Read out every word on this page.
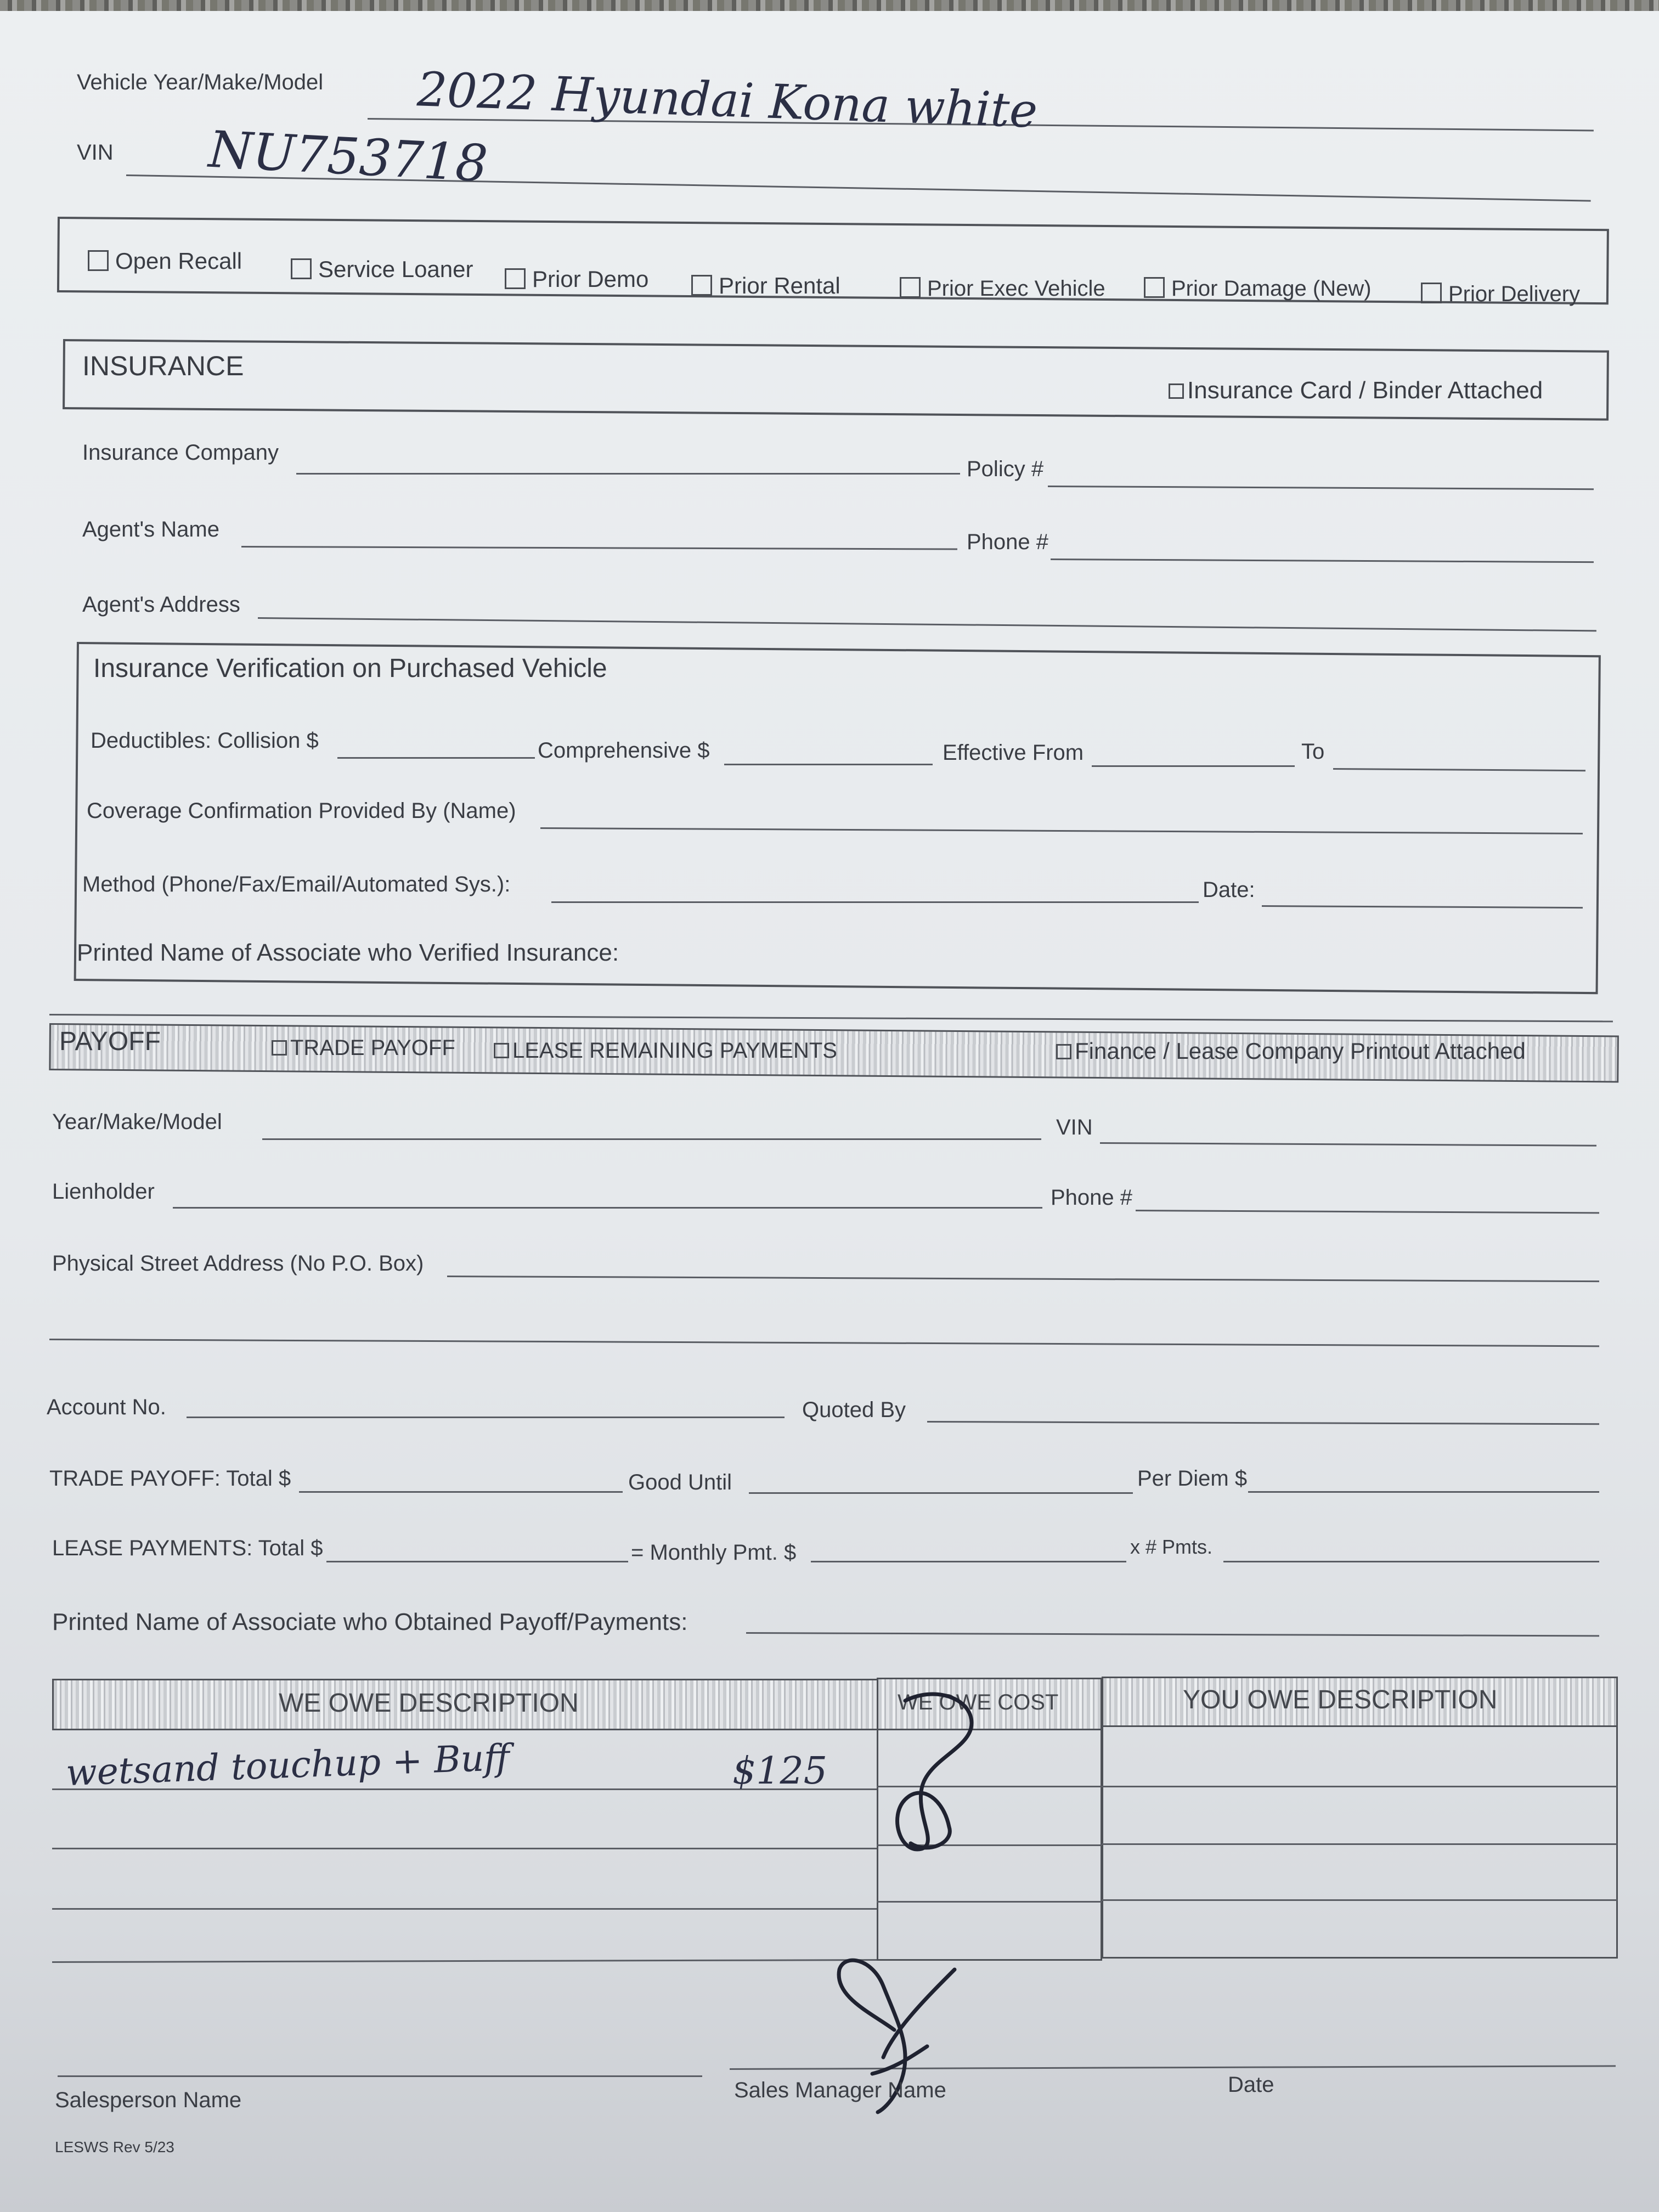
Vehicle Year/Make/Model 2022 Hyundai Kona white
VIN NU753718
Open Recall	Service Loaner	Prior Demo	Prior Rental	Prior Exec Vehicle	Prior Damage (New)	Prior Delivery
INSURANCE
Insurance Card / Binder Attached
Insurance Company
Policy #
Agent's Name
Phone #
Agent's Address
Insurance Verification on Purchased Vehicle
Deductibles: Collision $	Comprehensive $	Effective From	To
Coverage Confirmation Provided By (Name)
Method (Phone/Fax/Email/Automated Sys.):	Date:
Printed Name of Associate who Verified Insurance:
PAYOFF	TRADE PAYOFF	LEASE REMAINING PAYMENTS	Finance / Lease Company Printout Attached
Year/Make/Model	VIN
Lienholder	Phone #
Physical Street Address (No P.O. Box)
Account No.	Quoted By
TRADE PAYOFF: Total $	Good Until	Per Diem $
LEASE PAYMENTS: Total $	= Monthly Pmt. $	x # Pmts.
Printed Name of Associate who Obtained Payoff/Payments:
WE OWE DESCRIPTION	WE OWE COST	YOU OWE DESCRIPTION
wetsand touchup + Buff	$125
Salesperson Name	Sales Manager Name	Date
LESWS Rev 5/23
